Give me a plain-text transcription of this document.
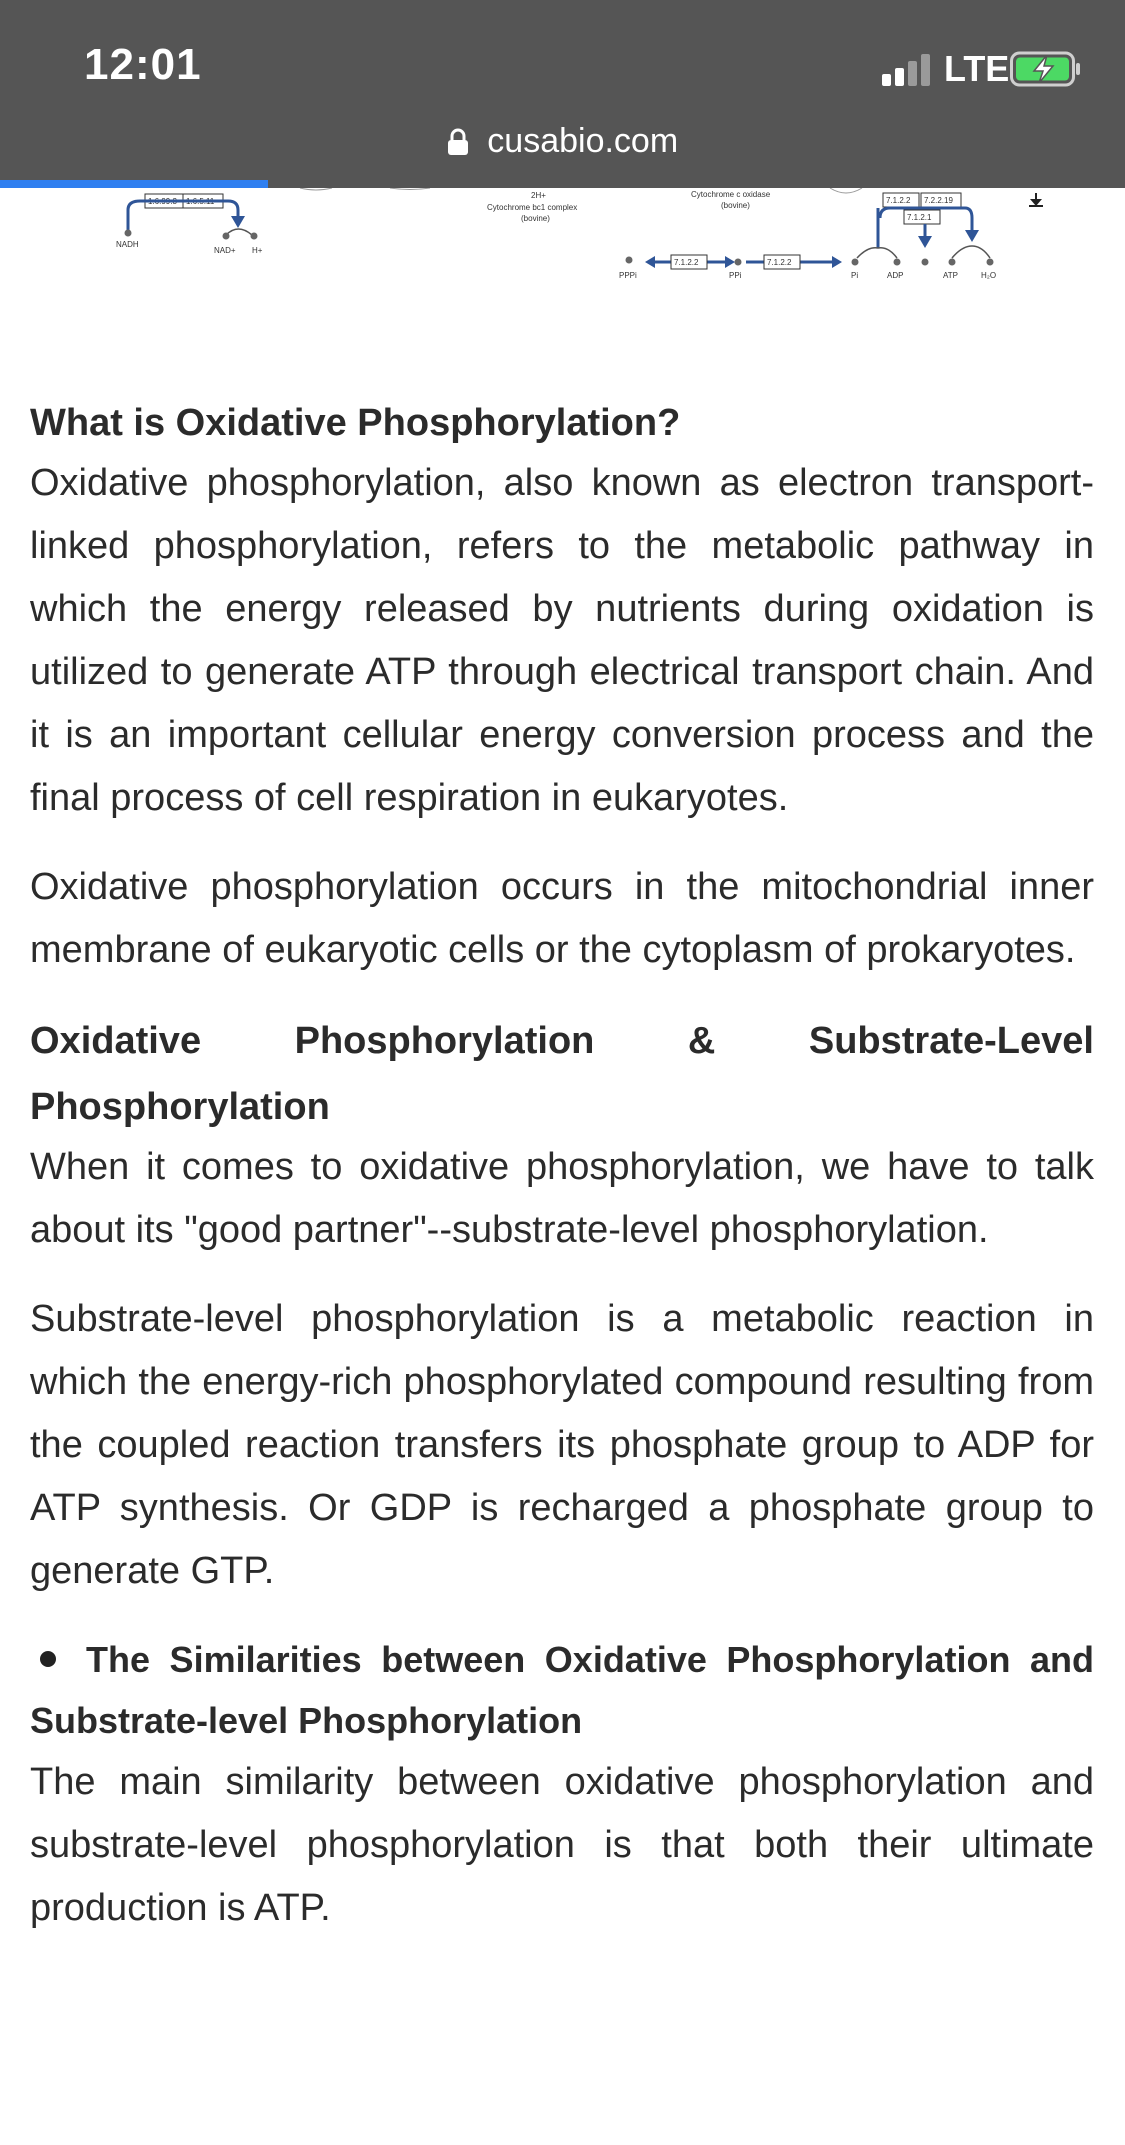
12:01	LTE
cusabio.com
1.6.99.3 1.6.5.11
NADH
NAD+ H+
2H+
Cytochrome bc1 complex
(bovine)
Cytochrome c oxidase
(bovine)
PPPi
7.1.2.2
PPi
7.1.2.2
Pi	ADP	ATP	H₂O
7.1.2.2 7.2.2.19
7.1.2.1
What is Oxidative Phosphorylation?

Oxidative phosphorylation, also known as electron transport-linked phosphorylation, refers to the metabolic pathway in which the energy released by nutrients during oxidation is utilized to generate ATP through electrical transport chain. And it is an important cellular energy conversion process and the final process of cell respiration in eukaryotes.

Oxidative phosphorylation occurs in the mitochondrial inner membrane of eukaryotic cells or the cytoplasm of prokaryotes.

Oxidative Phosphorylation & Substrate-Level
Phosphorylation

When it comes to oxidative phosphorylation, we have to talk about its "good partner"--substrate-level phosphorylation.

Substrate-level phosphorylation is a metabolic reaction in which the energy-rich phosphorylated compound resulting from the coupled reaction transfers its phosphate group to ADP for ATP synthesis. Or GDP is recharged a phosphate group to generate GTP.

The Similarities between Oxidative Phosphorylation and Substrate-level Phosphorylation

The main similarity between oxidative phosphorylation and substrate-level phosphorylation is that both their ultimate production is ATP.
